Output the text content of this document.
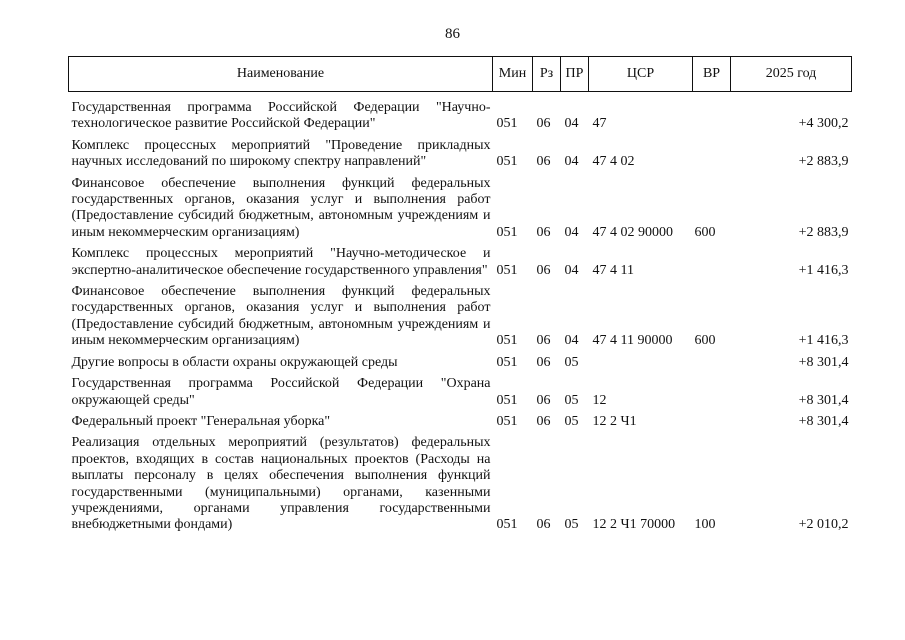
86
Наименование	Мин	Рз	ПР	ЦСР	ВР	2025 год
Государственная программа Российской Федерации "Научно-технологическое развитие Российской Федерации"	051	06	04	47		+4 300,2
Комплекс процессных мероприятий "Проведение прикладных научных исследований по широкому спектру направлений"	051	06	04	47 4 02		+2 883,9
Финансовое обеспечение выполнения функций федеральных государственных органов, оказания услуг и выполнения работ (Предоставление субсидий бюджетным, автономным учреждениям и иным некоммерческим организациям)	051	06	04	47 4 02 90000	600	+2 883,9
Комплекс процессных мероприятий "Научно-методическое и экспертно-аналитическое обеспечение государственного управления"	051	06	04	47 4 11		+1 416,3
Финансовое обеспечение выполнения функций федеральных государственных органов, оказания услуг и выполнения работ (Предоставление субсидий бюджетным, автономным учреждениям и иным некоммерческим организациям)	051	06	04	47 4 11 90000	600	+1 416,3
Другие вопросы в области охраны окружающей среды	051	06	05			+8 301,4
Государственная программа Российской Федерации "Охрана окружающей среды"	051	06	05	12		+8 301,4
Федеральный проект "Генеральная уборка"	051	06	05	12 2 Ч1		+8 301,4
Реализация отдельных мероприятий (результатов) федеральных проектов, входящих в состав национальных проектов (Расходы на выплаты персоналу в целях обеспечения выполнения функций государственными (муниципальными) органами, казенными учреждениями, органами управления государственными внебюджетными фондами)	051	06	05	12 2 Ч1 70000	100	+2 010,2
